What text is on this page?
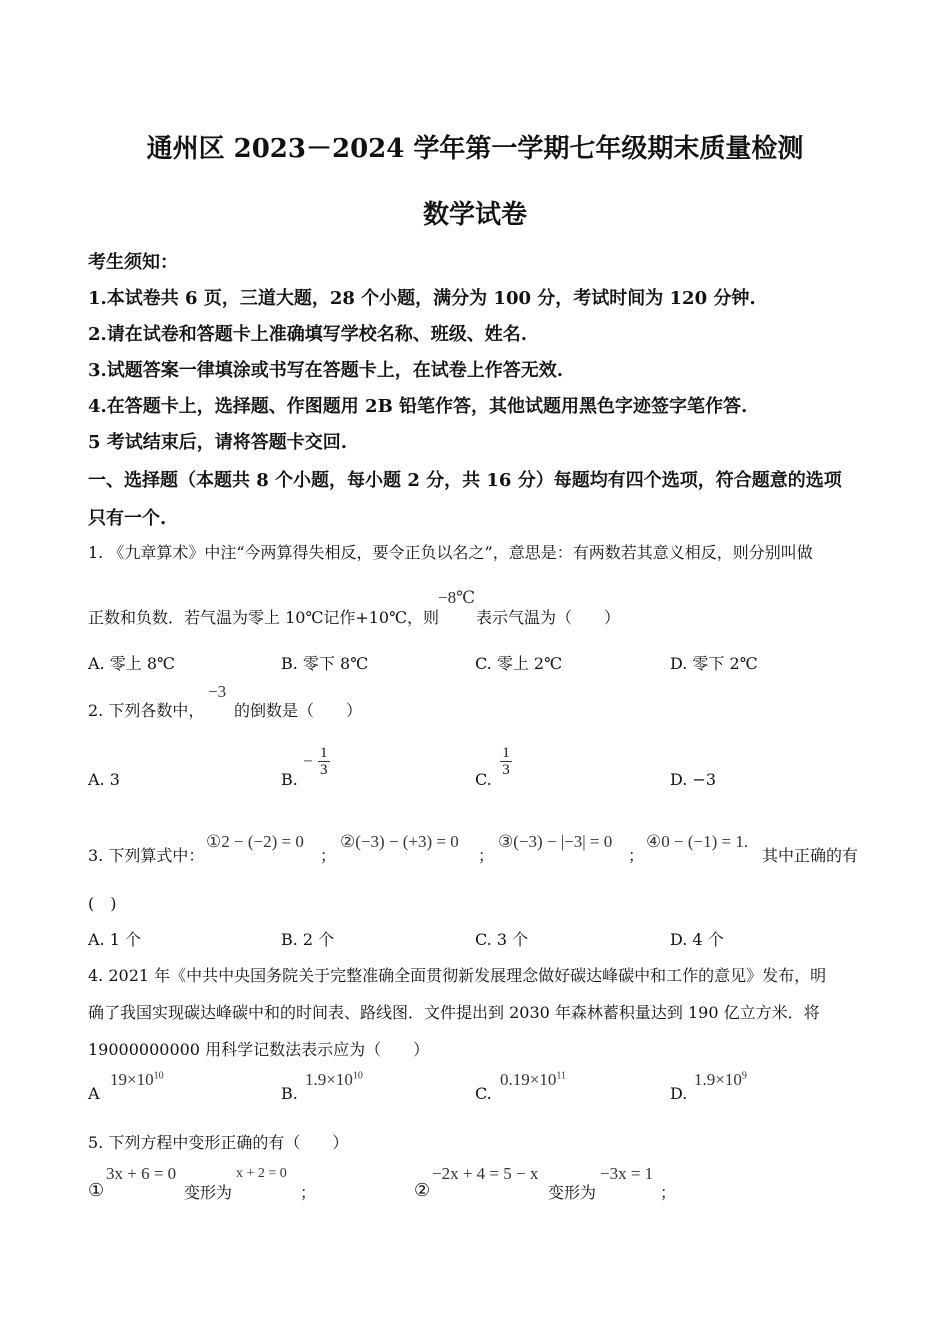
通州区 2023－2024 学年第一学期七年级期末质量检测
数学试卷
考生须知：
1.本试卷共 6 页，三道大题，28 个小题，满分为 100 分，考试时间为 120 分钟.
2.请在试卷和答题卡上准确填写学校名称、班级、姓名.
3.试题答案一律填涂或书写在答题卡上，在试卷上作答无效.
4.在答题卡上，选择题、作图题用 2B 铅笔作答，其他试题用黑色字迹签字笔作答.
5 考试结束后，请将答题卡交回.
一、选择题（本题共 8 个小题，每小题 2 分，共 16 分）每题均有四个选项，符合题意的选项
只有一个.
1. 《九章算术》中注“今两算得失相反，要令正负以名之”，意思是：有两数若其意义相反，则分别叫做
正数和负数．若气温为零上 10℃记作+10℃，则
−8℃
表示气温为（　　）
A. 零上 8℃	B. 零下 8℃	C. 零上 2℃	D. 零下 2℃
2. 下列各数中，
−3
的倒数是（　　）
A. 3	B.
− $\frac{1}{3}$
C.
$\frac{1}{3}$
D. −3
3. 下列算式中：
①2 − (−2) = 0
；
②(−3) − (+3) = 0
；
③(−3) − |−3| = 0
；
④0 − (−1) = 1.
其中正确的有
(　)
A. 1 个	B. 2 个	C. 3 个	D. 4 个
4. 2021 年《中共中央国务院关于完整准确全面贯彻新发展理念做好碳达峰碳中和工作的意见》发布，明
确了我国实现碳达峰碳中和的时间表、路线图．文件提出到 2030 年森林蓄积量达到 190 亿立方米．将
19000000000 用科学记数法表示应为（　　）
A
$19\times 10^{10}$
B.
$1.9\times 10^{10}$
C.
$0.19\times 10^{11}$
D.
$1.9\times 10^9$
5. 下列方程中变形正确的有（　　）
①
3x + 6 = 0
变形为
x + 2 = 0
；	②
−2x + 4 = 5 − x
变形为
−3x = 1
；
